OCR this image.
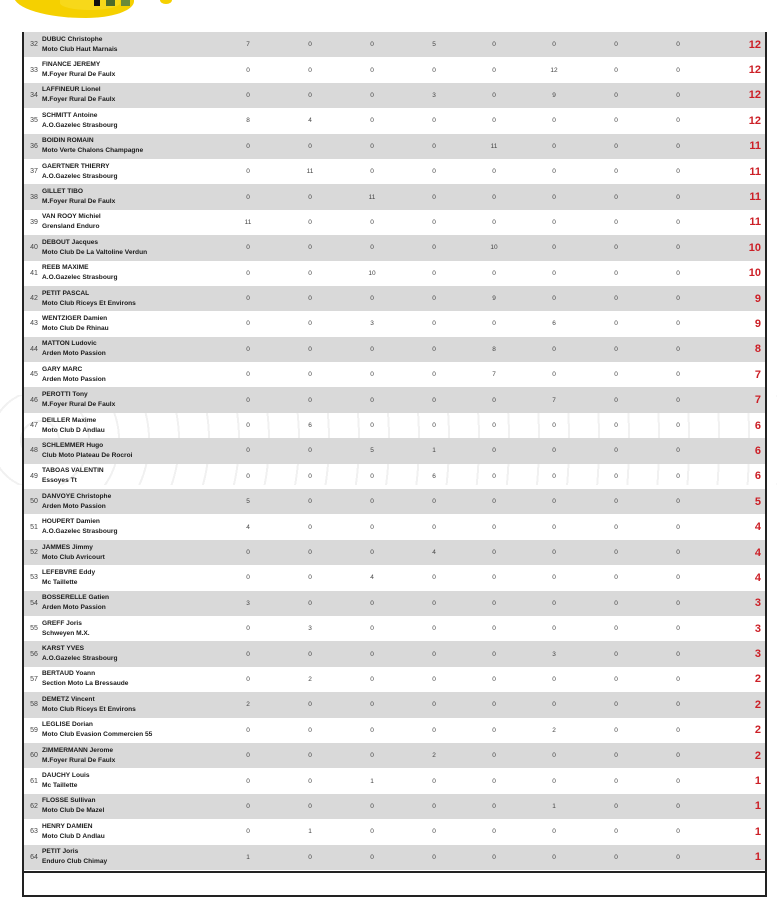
32
DUBUC Christophe
Moto Club Haut Marnais
7	0	0	5	0	0	0	0	12
33
FINANCE JEREMY
M.Foyer Rural De Faulx
0	0	0	0	0	12	0	0	12
34
LAFFINEUR Lionel
M.Foyer Rural De Faulx
0	0	0	3	0	9	0	0	12
35
SCHMITT Antoine
A.O.Gazelec Strasbourg
8	4	0	0	0	0	0	0	12
36
BOIDIN ROMAIN
Moto Verte Chalons Champagne
0	0	0	0	11	0	0	0	11
37
GAERTNER THIERRY
A.O.Gazelec Strasbourg
0	11	0	0	0	0	0	0	11
38
GILLET TIBO
M.Foyer Rural De Faulx
0	0	11	0	0	0	0	0	11
39
VAN ROOY Michiel
Grensland Enduro
11	0	0	0	0	0	0	0	11
40
DEBOUT Jacques
Moto Club De La Valtoline Verdun
0	0	0	0	10	0	0	0	10
41
REEB MAXIME
A.O.Gazelec Strasbourg
0	0	10	0	0	0	0	0	10
42
PETIT PASCAL
Moto Club Riceys Et Environs
0	0	0	0	9	0	0	0	9
43
WENTZIGER Damien
Moto Club De Rhinau
0	0	3	0	0	6	0	0	9
44
MATTON Ludovic
Arden Moto Passion
0	0	0	0	8	0	0	0	8
45
GARY MARC
Arden Moto Passion
0	0	0	0	7	0	0	0	7
46
PEROTTI Tony
M.Foyer Rural De Faulx
0	0	0	0	0	7	0	0	7
47
DEILLER Maxime
Moto Club D Andlau
0	6	0	0	0	0	0	0	6
48
SCHLEMMER Hugo
Club Moto Plateau De Rocroi
0	0	5	1	0	0	0	0	6
49
TABOAS VALENTIN
Essoyes Tt
0	0	0	6	0	0	0	0	6
50
DANVOYE Christophe
Arden Moto Passion
5	0	0	0	0	0	0	0	5
51
HOUPERT Damien
A.O.Gazelec Strasbourg
4	0	0	0	0	0	0	0	4
52
JAMMES Jimmy
Moto Club Avricourt
0	0	0	4	0	0	0	0	4
53
LEFEBVRE Eddy
Mc Taillette
0	0	4	0	0	0	0	0	4
54
BOSSERELLE Gatien
Arden Moto Passion
3	0	0	0	0	0	0	0	3
55
GREFF Joris
Schweyen M.X.
0	3	0	0	0	0	0	0	3
56
KARST YVES
A.O.Gazelec Strasbourg
0	0	0	0	0	3	0	0	3
57
BERTAUD Yoann
Section Moto La Bressaude
0	2	0	0	0	0	0	0	2
58
DEMETZ Vincent
Moto Club Riceys Et Environs
2	0	0	0	0	0	0	0	2
59
LEGLISE Dorian
Moto Club Evasion Commercien 55
0	0	0	0	0	2	0	0	2
60
ZIMMERMANN Jerome
M.Foyer Rural De Faulx
0	0	0	2	0	0	0	0	2
61
DAUCHY Louis
Mc Taillette
0	0	1	0	0	0	0	0	1
62
FLOSSE Sullivan
Moto Club De Mazel
0	0	0	0	0	1	0	0	1
63
HENRY DAMIEN
Moto Club D Andlau
0	1	0	0	0	0	0	0	1
64
PETIT Joris
Enduro Club Chimay
1	0	0	0	0	0	0	0	1
